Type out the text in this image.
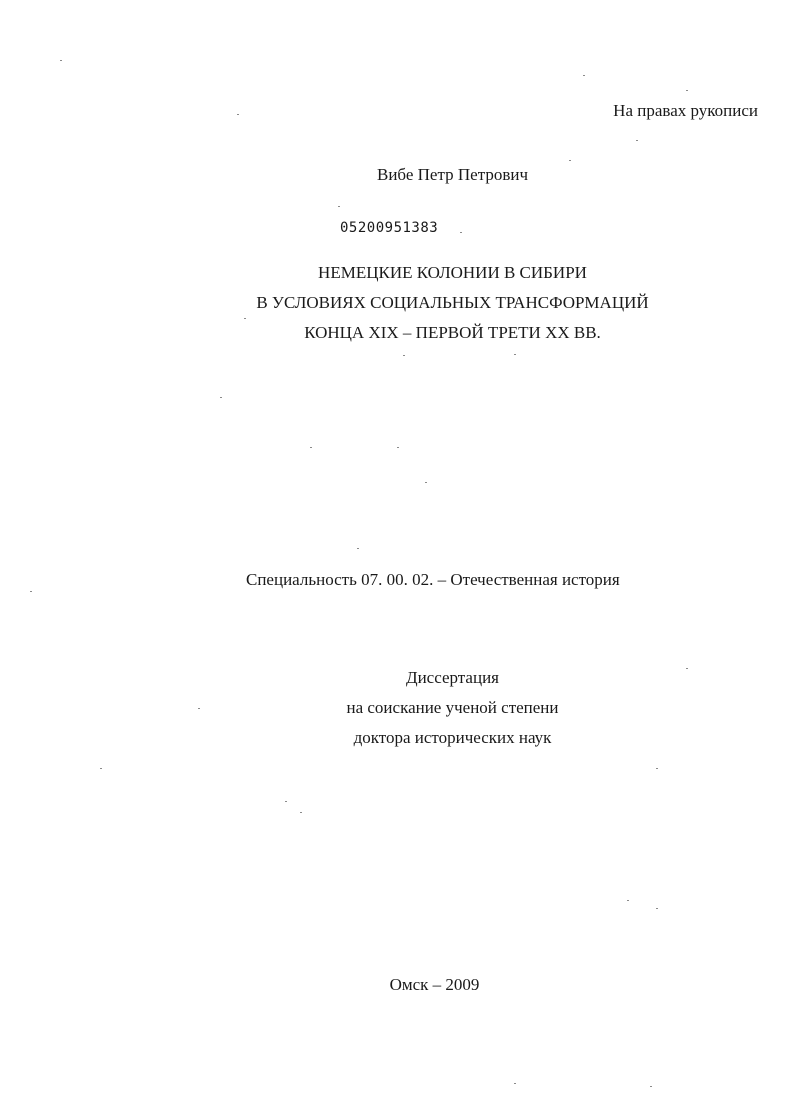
На правах рукописи
Вибе Петр Петрович
05200951383
НЕМЕЦКИЕ КОЛОНИИ В СИБИРИ
В УСЛОВИЯХ СОЦИАЛЬНЫХ ТРАНСФОРМАЦИЙ
КОНЦА XIX – ПЕРВОЙ ТРЕТИ XX ВВ.
Специальность 07. 00. 02. – Отечественная история
Диссертация
на соискание ученой степени
доктора исторических наук
Омск – 2009
